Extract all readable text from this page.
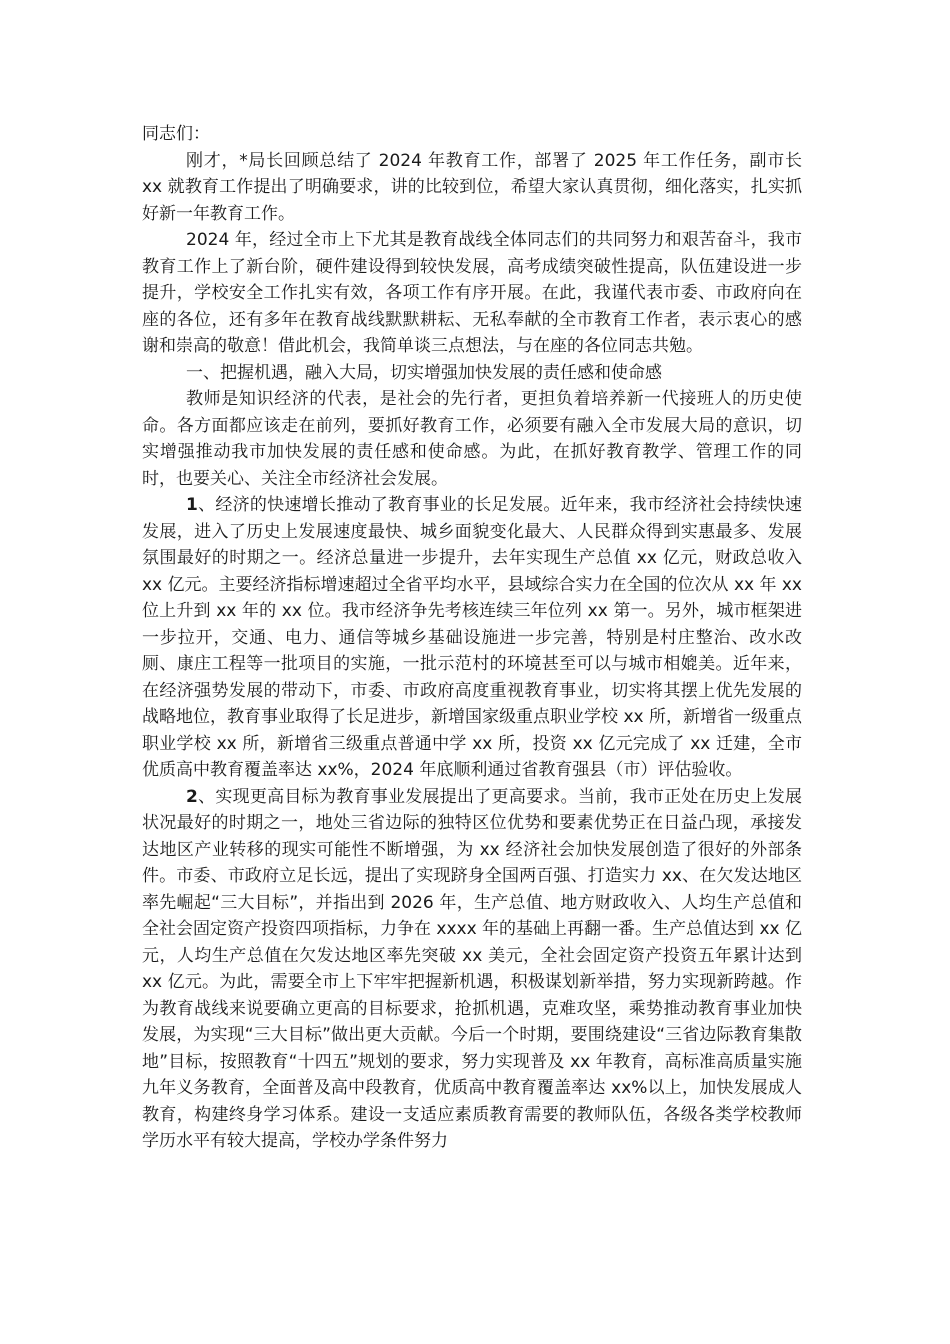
同志们：

刚才，*局长回顾总结了 2024 年教育工作，部署了 2025 年工作任务，副市长 xx 就教育工作提出了明确要求，讲的比较到位，希望大家认真贯彻，细化落实，扎实抓好新一年教育工作。

2024 年，经过全市上下尤其是教育战线全体同志们的共同努力和艰苦奋斗，我市教育工作上了新台阶，硬件建设得到较快发展，高考成绩突破性提高，队伍建设进一步提升，学校安全工作扎实有效，各项工作有序开展。在此，我谨代表市委、市政府向在座的各位，还有多年在教育战线默默耕耘、无私奉献的全市教育工作者，表示衷心的感谢和崇高的敬意！借此机会，我简单谈三点想法，与在座的各位同志共勉。

一、把握机遇，融入大局，切实增强加快发展的责任感和使命感

教师是知识经济的代表，是社会的先行者，更担负着培养新一代接班人的历史使命。各方面都应该走在前列，要抓好教育工作，必须要有融入全市发展大局的意识，切实增强推动我市加快发展的责任感和使命感。为此，在抓好教育教学、管理工作的同时，也要关心、关注全市经济社会发展。

1、经济的快速增长推动了教育事业的长足发展。近年来，我市经济社会持续快速发展，进入了历史上发展速度最快、城乡面貌变化最大、人民群众得到实惠最多、发展氛围最好的时期之一。经济总量进一步提升，去年实现生产总值 xx 亿元，财政总收入 xx 亿元。主要经济指标增速超过全省平均水平，县域综合实力在全国的位次从 xx 年 xx 位上升到 xx 年的 xx 位。我市经济争先考核连续三年位列 xx 第一。另外，城市框架进一步拉开，交通、电力、通信等城乡基础设施进一步完善，特别是村庄整治、改水改厕、康庄工程等一批项目的实施，一批示范村的环境甚至可以与城市相媲美。近年来，在经济强势发展的带动下，市委、市政府高度重视教育事业，切实将其摆上优先发展的战略地位，教育事业取得了长足进步，新增国家级重点职业学校 xx 所，新增省一级重点职业学校 xx 所，新增省三级重点普通中学 xx 所，投资 xx 亿元完成了 xx 迁建，全市优质高中教育覆盖率达 xx%，2024 年底顺利通过省教育强县（市）评估验收。

2、实现更高目标为教育事业发展提出了更高要求。当前，我市正处在历史上发展状况最好的时期之一，地处三省边际的独特区位优势和要素优势正在日益凸现，承接发达地区产业转移的现实可能性不断增强，为 xx 经济社会加快发展创造了很好的外部条件。市委、市政府立足长远，提出了实现跻身全国两百强、打造实力 xx、在欠发达地区率先崛起“三大目标”，并指出到 2026 年，生产总值、地方财政收入、人均生产总值和全社会固定资产投资四项指标，力争在 xxxx 年的基础上再翻一番。生产总值达到 xx 亿元，人均生产总值在欠发达地区率先突破 xx 美元，全社会固定资产投资五年累计达到 xx 亿元。为此，需要全市上下牢牢把握新机遇，积极谋划新举措，努力实现新跨越。作为教育战线来说要确立更高的目标要求，抢抓机遇，克难攻坚，乘势推动教育事业加快发展，为实现“三大目标”做出更大贡献。今后一个时期，要围绕建设“三省边际教育集散地”目标，按照教育“十四五”规划的要求，努力实现普及 xx 年教育，高标准高质量实施九年义务教育，全面普及高中段教育，优质高中教育覆盖率达 xx%以上，加快发展成人教育，构建终身学习体系。建设一支适应素质教育需要的教师队伍，各级各类学校教师学历水平有较大提高，学校办学条件努力
